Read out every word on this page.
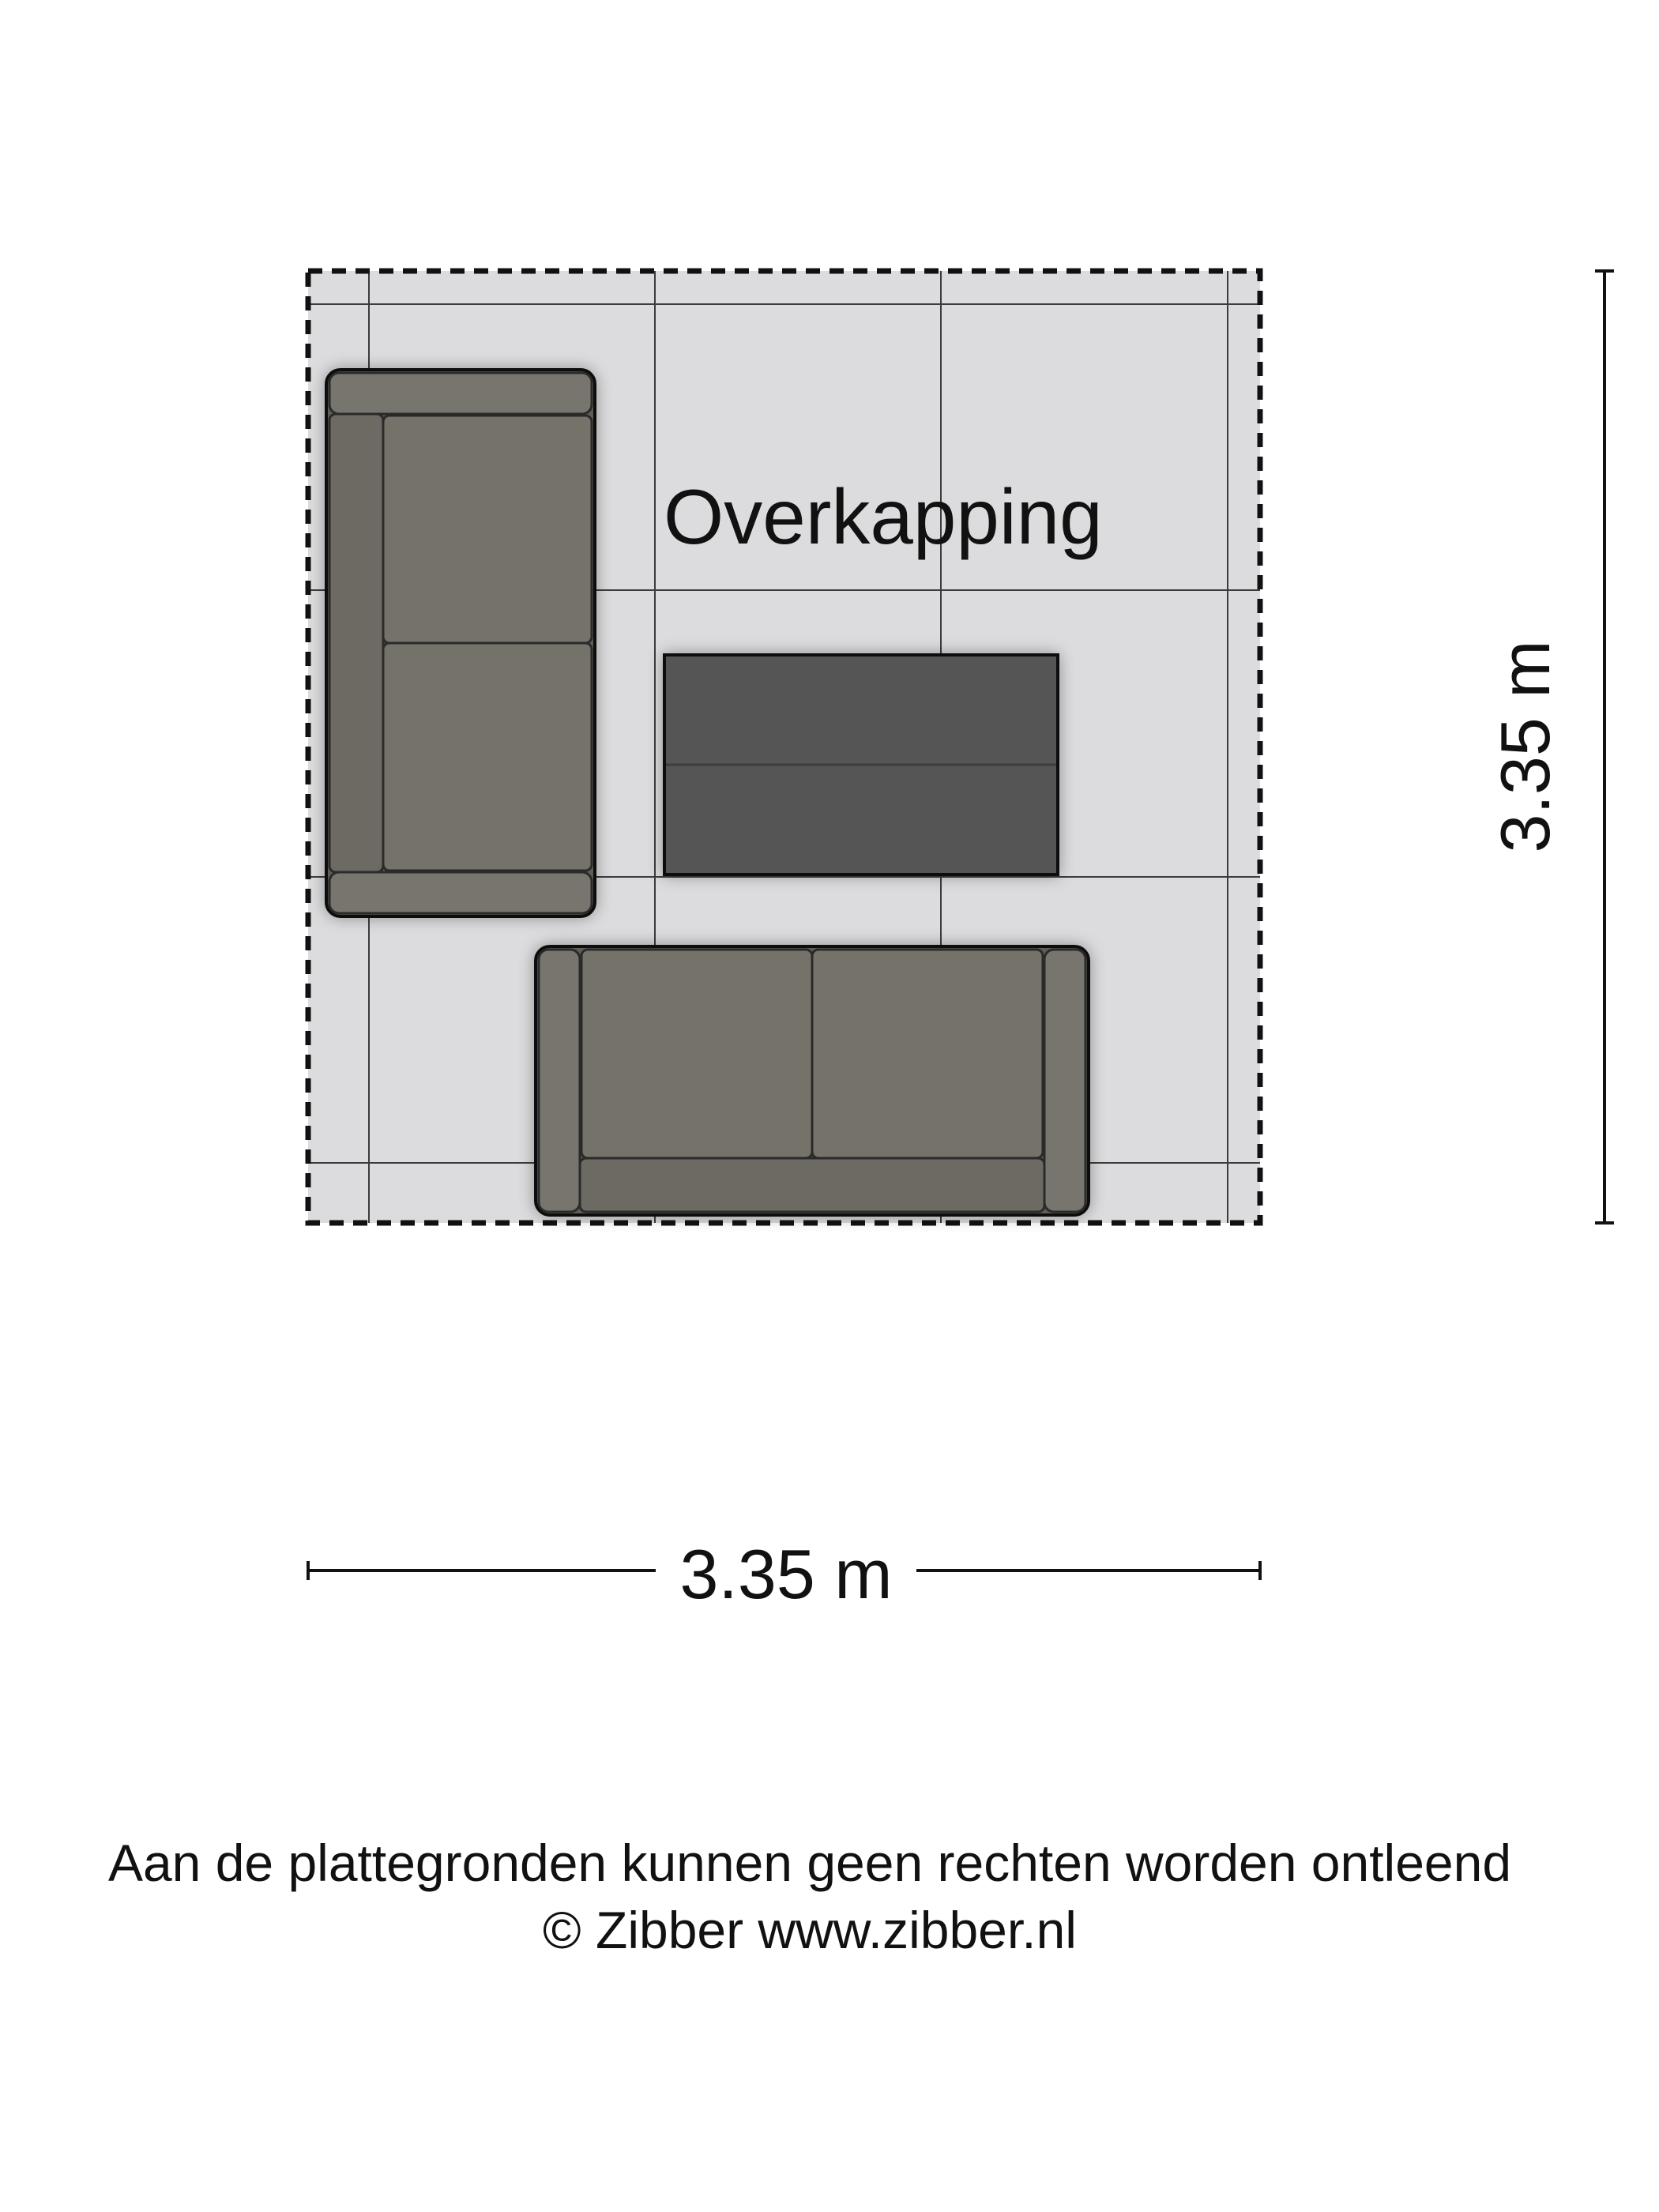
Overkapping
3.35 m
3.35 m
Aan de plattegronden kunnen geen rechten worden ontleend
© Zibber www.zibber.nl
